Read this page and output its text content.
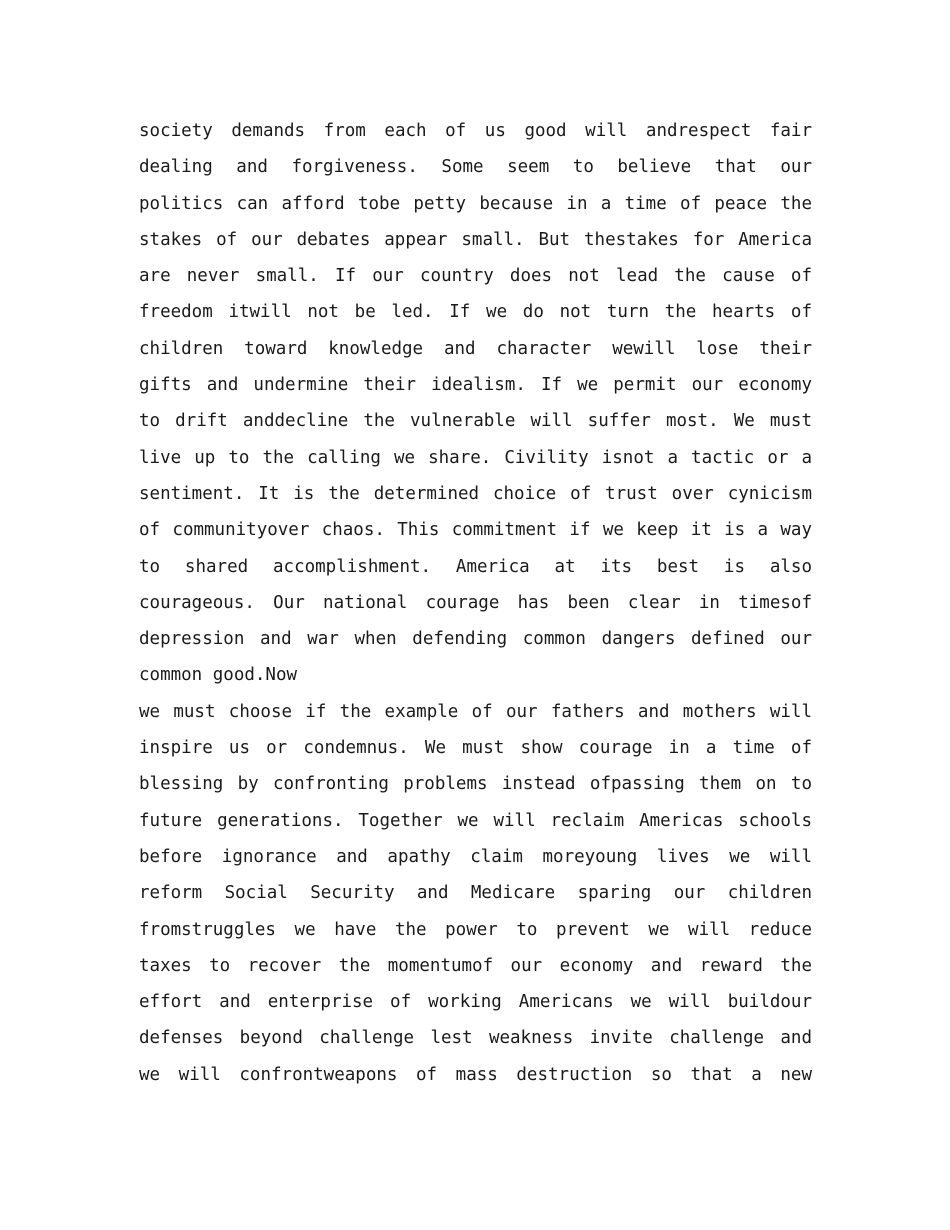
society demands from each of us good will andrespect fair
dealing and forgiveness. Some seem to believe that our
politics can afford tobe petty because in a time of peace the
stakes of our debates appear small. But thestakes for America
are never small. If our country does not lead the cause of
freedom itwill not be led. If we do not turn the hearts of
children toward knowledge and character wewill lose their
gifts and undermine their idealism. If we permit our economy
to drift anddecline the vulnerable will suffer most. We must
live up to the calling we share. Civility isnot a tactic or a
sentiment. It is the determined choice of trust over cynicism
of communityover chaos. This commitment if we keep it is a way
to shared accomplishment. America at its best is also
courageous. Our national courage has been clear in timesof
depression and war when defending common dangers defined our
common good.Now
we must choose if the example of our fathers and mothers will
inspire us or condemnus. We must show courage in a time of
blessing by confronting problems instead ofpassing them on to
future generations. Together we will reclaim Americas schools
before ignorance and apathy claim moreyoung lives we will
reform Social Security and Medicare sparing our children
fromstruggles we have the power to prevent we will reduce
taxes to recover the momentumof our economy and reward the
effort and enterprise of working Americans we will buildour
defenses beyond challenge lest weakness invite challenge and
we will confrontweapons of mass destruction so that a new
